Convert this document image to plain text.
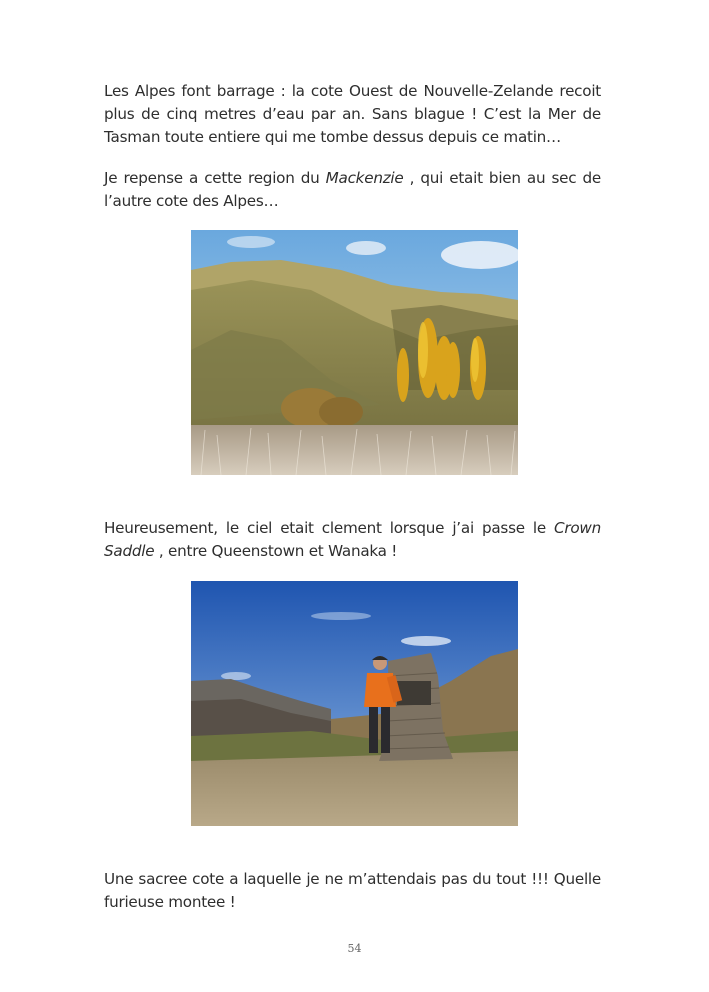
Les Alpes font barrage : la cote Ouest de Nouvelle-Zelande recoit plus de cinq metres d’eau par an. Sans blague ! C’est la Mer de Tasman toute entiere qui me tombe dessus depuis ce matin…

Je repense a cette region du Mackenzie , qui etait bien au sec de l’autre cote des Alpes…

Heureusement, le ciel etait clement lorsque j’ai passe le Crown Saddle , entre Queenstown et Wanaka !

Une sacree cote a laquelle je ne m’attendais pas du tout !!! Quelle furieuse montee !

54
